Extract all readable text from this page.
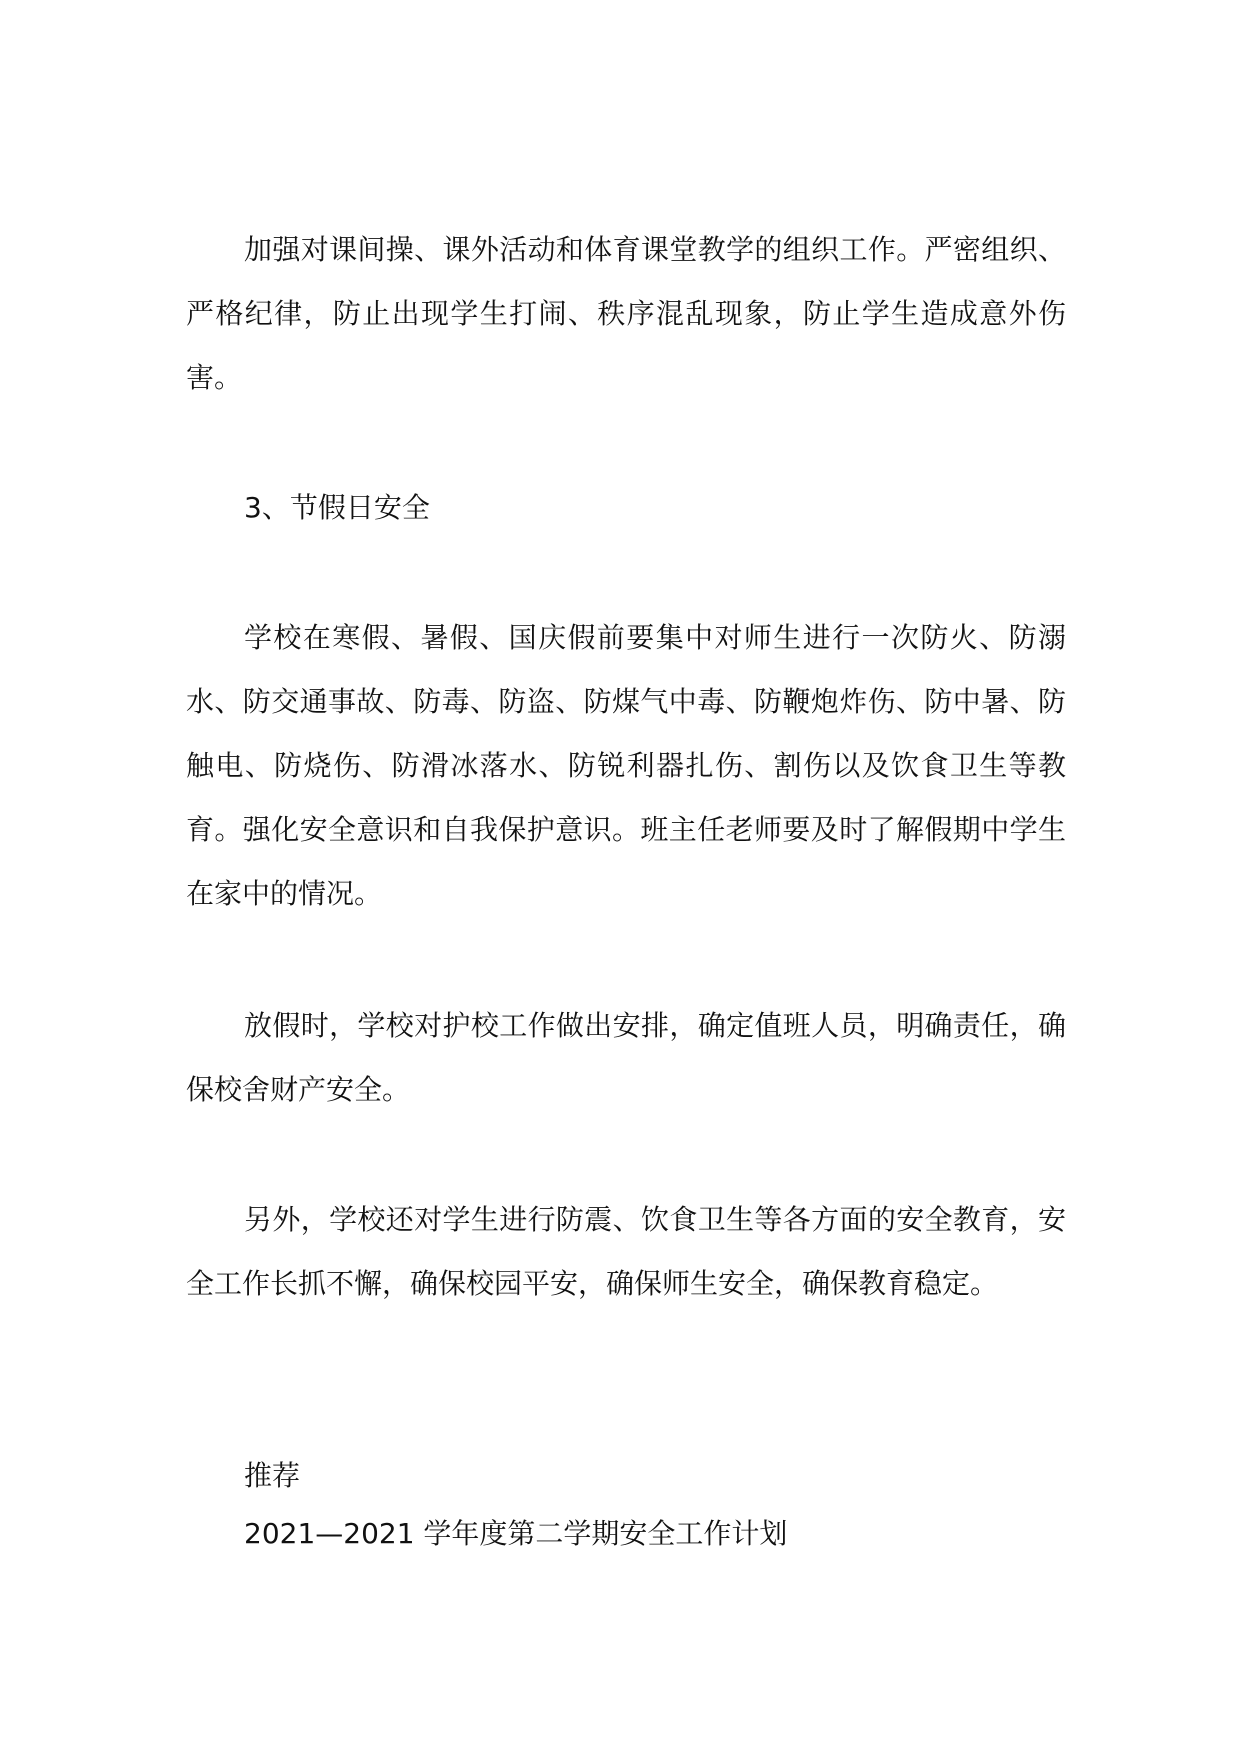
加强对课间操、课外活动和体育课堂教学的组织工作。严密组织、严格纪律，防止出现学生打闹、秩序混乱现象，防止学生造成意外伤害。

3、节假日安全

学校在寒假、暑假、国庆假前要集中对师生进行一次防火、防溺水、防交通事故、防毒、防盗、防煤气中毒、防鞭炮炸伤、防中暑、防触电、防烧伤、防滑冰落水、防锐利器扎伤、割伤以及饮食卫生等教育。强化安全意识和自我保护意识。班主任老师要及时了解假期中学生在家中的情况。

放假时，学校对护校工作做出安排，确定值班人员，明确责任，确保校舍财产安全。

另外，学校还对学生进行防震、饮食卫生等各方面的安全教育，安全工作长抓不懈，确保校园平安，确保师生安全，确保教育稳定。

推荐

2021—2021 学年度第二学期安全工作计划
